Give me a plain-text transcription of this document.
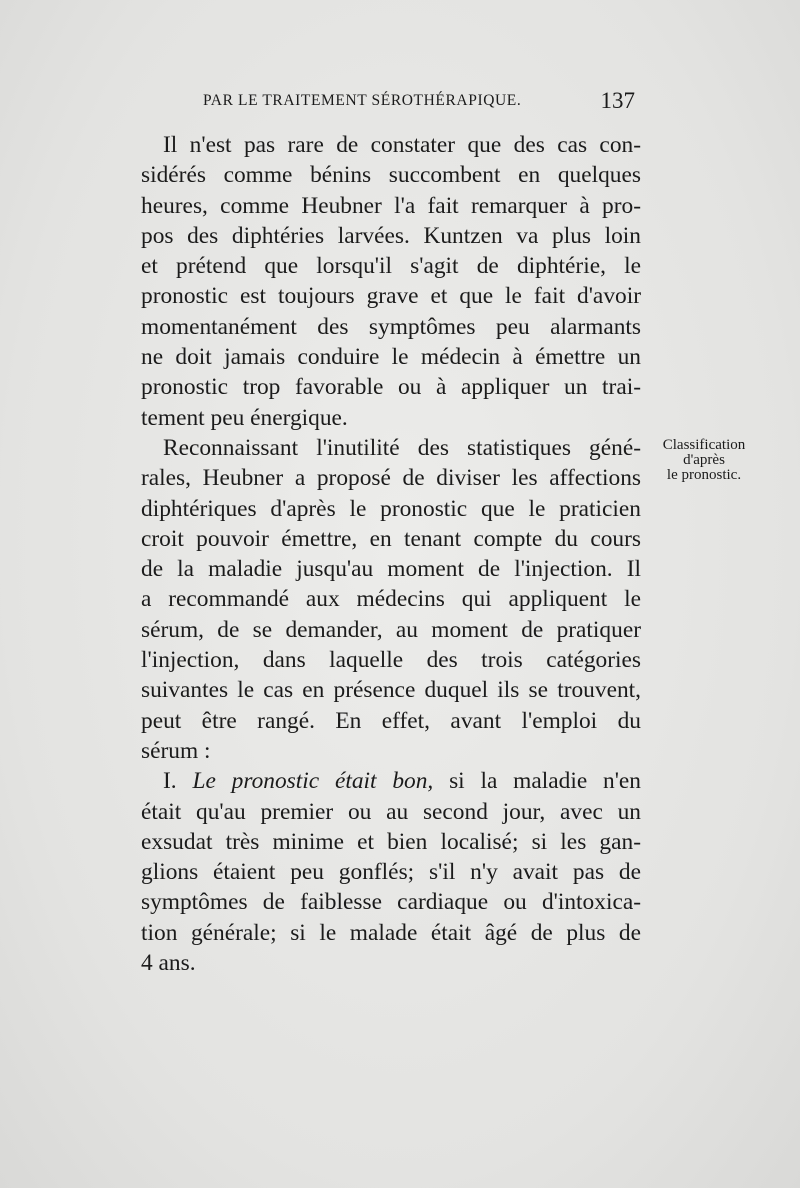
PAR LE TRAITEMENT SÉROTHÉRAPIQUE.	137
Il n'est pas rare de constater que des cas con-
sidérés comme bénins succombent en quelques
heures, comme Heubner l'a fait remarquer à pro-
pos des diphtéries larvées. Kuntzen va plus loin
et prétend que lorsqu'il s'agit de diphtérie, le
pronostic est toujours grave et que le fait d'avoir
momentanément des symptômes peu alarmants
ne doit jamais conduire le médecin à émettre un
pronostic trop favorable ou à appliquer un trai-
tement peu énergique.
Reconnaissant l'inutilité des statistiques géné-
rales, Heubner a proposé de diviser les affections
diphtériques d'après le pronostic que le praticien
croit pouvoir émettre, en tenant compte du cours
de la maladie jusqu'au moment de l'injection. Il
a recommandé aux médecins qui appliquent le
sérum, de se demander, au moment de pratiquer
l'injection, dans laquelle des trois catégories
suivantes le cas en présence duquel ils se trouvent,
peut être rangé. En effet, avant l'emploi du
sérum :
I. Le pronostic était bon, si la maladie n'en
était qu'au premier ou au second jour, avec un
exsudat très minime et bien localisé; si les gan-
glions étaient peu gonflés; s'il n'y avait pas de
symptômes de faiblesse cardiaque ou d'intoxica-
tion générale; si le malade était âgé de plus de
4 ans.
Classification
d'après
le pronostic.
